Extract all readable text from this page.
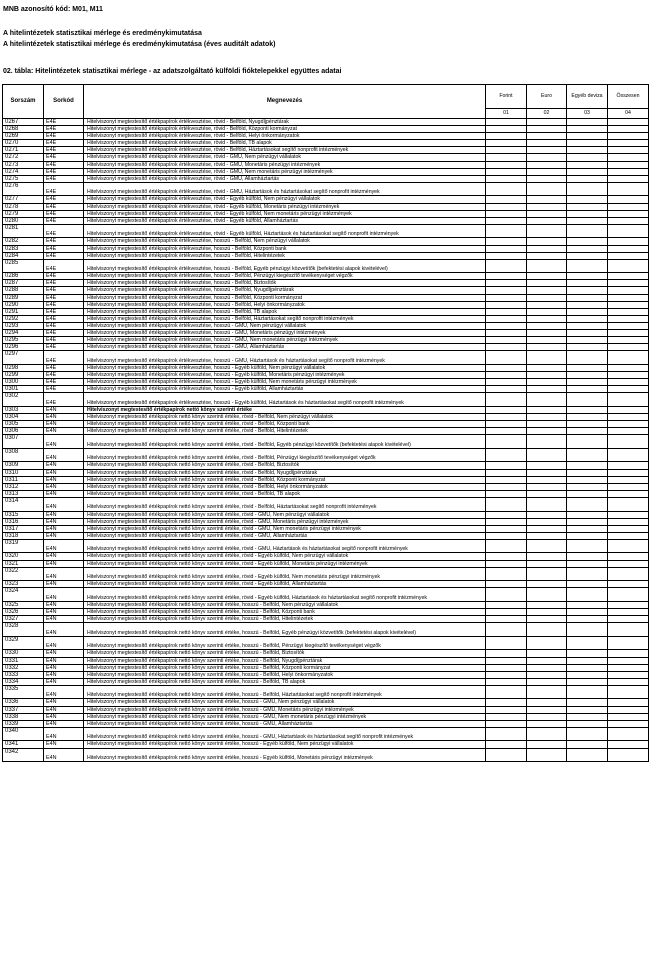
MNB azonosító kód: M01, M11
A hitelintézetek statisztikai mérlege és eredménykimutatása
A hitelintézetek statisztikai mérlege és eredménykimutatása (éves auditált adatok)
02. tábla: Hitelintézetek statisztikai mérlege - az adatszolgáltató külföldi fióktelepekkel együttes adatai
Sorszám	Sorkód	Megnevezés	Forint	Euro	Egyéb deviza	Összesen
			01	02	03	04
0267	E4E	Hitelviszonyt megtestesítő értékpapírok értékvesztése, rövid - Belföld, Nyugdíjpénztárak				
0268	E4E	Hitelviszonyt megtestesítő értékpapírok értékvesztése, rövid - Belföld, Központi kormányzat				
0269	E4E	Hitelviszonyt megtestesítő értékpapírok értékvesztése, rövid - Belföld, Helyi önkormányzatok				
0270	E4E	Hitelviszonyt megtestesítő értékpapírok értékvesztése, rövid - Belföld, TB alapok				
0271	E4E	Hitelviszonyt megtestesítő értékpapírok értékvesztése, rövid - Belföld, Háztartásokat segítő nonprofit intézmények				
0272	E4E	Hitelviszonyt megtestesítő értékpapírok értékvesztése, rövid - GMU, Nem pénzügyi vállalatok				
0273	E4E	Hitelviszonyt megtestesítő értékpapírok értékvesztése, rövid - GMU, Monetáris pénzügyi intézmények				
0274	E4E	Hitelviszonyt megtestesítő értékpapírok értékvesztése, rövid - GMU, Nem monetáris pénzügyi intézmények				
0275	E4E	Hitelviszonyt megtestesítő értékpapírok értékvesztése, rövid - GMU, Államháztartás				
0276	E4E	Hitelviszonyt megtestesítő értékpapírok értékvesztése, rövid - GMU, Háztartások és háztartásokat segítő nonprofit intézmények				
0277	E4E	Hitelviszonyt megtestesítő értékpapírok értékvesztése, rövid - Egyéb külföld, Nem pénzügyi vállalatok				
0278	E4E	Hitelviszonyt megtestesítő értékpapírok értékvesztése, rövid - Egyéb külföld, Monetáris pénzügyi intézmények				
0279	E4E	Hitelviszonyt megtestesítő értékpapírok értékvesztése, rövid - Egyéb külföld, Nem monetáris pénzügyi intézmények				
0280	E4E	Hitelviszonyt megtestesítő értékpapírok értékvesztése, rövid - Egyéb külföld, Államháztartás				
0281	E4E	Hitelviszonyt megtestesítő értékpapírok értékvesztése, rövid - Egyéb külföld, Háztartások és háztartásokat segítő nonprofit intézmények				
0282	E4E	Hitelviszonyt megtestesítő értékpapírok értékvesztése, hosszú - Belföld, Nem pénzügyi vállalatok				
0283	E4E	Hitelviszonyt megtestesítő értékpapírok értékvesztése, hosszú - Belföld, Központi bank				
0284	E4E	Hitelviszonyt megtestesítő értékpapírok értékvesztése, hosszú - Belföld, Hitelintézetek				
0285	E4E	Hitelviszonyt megtestesítő értékpapírok értékvesztése, hosszú - Belföld, Egyéb pénzügyi közvetítők (befektetési alapok kivételével)				
0286	E4E	Hitelviszonyt megtestesítő értékpapírok értékvesztése, hosszú - Belföld, Pénzügyi kiegészítő tevékenységet végzők				
0287	E4E	Hitelviszonyt megtestesítő értékpapírok értékvesztése, hosszú - Belföld, Biztosítók				
0288	E4E	Hitelviszonyt megtestesítő értékpapírok értékvesztése, hosszú - Belföld, Nyugdíjpénztárak				
0289	E4E	Hitelviszonyt megtestesítő értékpapírok értékvesztése, hosszú - Belföld, Központi kormányzat				
0290	E4E	Hitelviszonyt megtestesítő értékpapírok értékvesztése, hosszú - Belföld, Helyi önkormányzatok				
0291	E4E	Hitelviszonyt megtestesítő értékpapírok értékvesztése, hosszú - Belföld, TB alapok				
0292	E4E	Hitelviszonyt megtestesítő értékpapírok értékvesztése, hosszú - Belföld, Háztartásokat segítő nonprofit intézmények				
0293	E4E	Hitelviszonyt megtestesítő értékpapírok értékvesztése, hosszú - GMU, Nem pénzügyi vállalatok				
0294	E4E	Hitelviszonyt megtestesítő értékpapírok értékvesztése, hosszú - GMU, Monetáris pénzügyi intézmények				
0295	E4E	Hitelviszonyt megtestesítő értékpapírok értékvesztése, hosszú - GMU, Nem monetáris pénzügyi intézmények				
0296	E4E	Hitelviszonyt megtestesítő értékpapírok értékvesztése, hosszú - GMU, Államháztartás				
0297	E4E	Hitelviszonyt megtestesítő értékpapírok értékvesztése, hosszú - GMU, Háztartások és háztartásokat segítő nonprofit intézmények				
0298	E4E	Hitelviszonyt megtestesítő értékpapírok értékvesztése, hosszú - Egyéb külföld, Nem pénzügyi vállalatok				
0299	E4E	Hitelviszonyt megtestesítő értékpapírok értékvesztése, hosszú - Egyéb külföld, Monetáris pénzügyi intézmények				
0300	E4E	Hitelviszonyt megtestesítő értékpapírok értékvesztése, hosszú - Egyéb külföld, Nem monetáris pénzügyi intézmények				
0301	E4E	Hitelviszonyt megtestesítő értékpapírok értékvesztése, hosszú - Egyéb külföld, Államháztartás				
0302	E4E	Hitelviszonyt megtestesítő értékpapírok értékvesztése, hosszú - Egyéb külföld, Háztartások és háztartásokat segítő nonprofit intézmények				
0303	E4N	Hitelviszonyt megtestesítő értékpapírok nettó könyv szerinti értéke				
0304	E4N	Hitelviszonyt megtestesítő értékpapírok nettó könyv szerinti értéke, rövid - Belföld, Nem pénzügyi vállalatok				
0305	E4N	Hitelviszonyt megtestesítő értékpapírok nettó könyv szerinti értéke, rövid - Belföld, Központi bank				
0306	E4N	Hitelviszonyt megtestesítő értékpapírok nettó könyv szerinti értéke, rövid - Belföld, Hitelintézetek				
0307	E4N	Hitelviszonyt megtestesítő értékpapírok nettó könyv szerinti értéke, rövid - Belföld, Egyéb pénzügyi közvetítők (befektetési alapok kivételével)				
0308	E4N	Hitelviszonyt megtestesítő értékpapírok nettó könyv szerinti értéke, rövid - Belföld, Pénzügyi kiegészítő tevékenységet végzők				
0309	E4N	Hitelviszonyt megtestesítő értékpapírok nettó könyv szerinti értéke, rövid - Belföld, Biztosítók				
0310	E4N	Hitelviszonyt megtestesítő értékpapírok nettó könyv szerinti értéke, rövid - Belföld, Nyugdíjpénztárak				
0311	E4N	Hitelviszonyt megtestesítő értékpapírok nettó könyv szerinti értéke, rövid - Belföld, Központi kormányzat				
0312	E4N	Hitelviszonyt megtestesítő értékpapírok nettó könyv szerinti értéke, rövid - Belföld, Helyi önkormányzatok				
0313	E4N	Hitelviszonyt megtestesítő értékpapírok nettó könyv szerinti értéke, rövid - Belföld, TB alapok				
0314	E4N	Hitelviszonyt megtestesítő értékpapírok nettó könyv szerinti értéke, rövid - Belföld, Háztartásokat segítő nonprofit intézmények				
0315	E4N	Hitelviszonyt megtestesítő értékpapírok nettó könyv szerinti értéke, rövid - GMU, Nem pénzügyi vállalatok				
0316	E4N	Hitelviszonyt megtestesítő értékpapírok nettó könyv szerinti értéke, rövid - GMU, Monetáris pénzügyi intézmények				
0317	E4N	Hitelviszonyt megtestesítő értékpapírok nettó könyv szerinti értéke, rövid - GMU, Nem monetáris pénzügyi intézmények				
0318	E4N	Hitelviszonyt megtestesítő értékpapírok nettó könyv szerinti értéke, rövid - GMU, Államháztartás				
0319	E4N	Hitelviszonyt megtestesítő értékpapírok nettó könyv szerinti értéke, rövid - GMU, Háztartások és háztartásokat segítő nonprofit intézmények				
0320	E4N	Hitelviszonyt megtestesítő értékpapírok nettó könyv szerinti értéke, rövid - Egyéb külföld, Nem pénzügyi vállalatok				
0321	E4N	Hitelviszonyt megtestesítő értékpapírok nettó könyv szerinti értéke, rövid - Egyéb külföld, Monetáris pénzügyi intézmények				
0322	E4N	Hitelviszonyt megtestesítő értékpapírok nettó könyv szerinti értéke, rövid - Egyéb külföld, Nem monetáris pénzügyi intézmények				
0323	E4N	Hitelviszonyt megtestesítő értékpapírok nettó könyv szerinti értéke, rövid - Egyéb külföld, Államháztartás				
0324	E4N	Hitelviszonyt megtestesítő értékpapírok nettó könyv szerinti értéke, rövid - Egyéb külföld, Háztartások és háztartásokat segítő nonprofit intézmények				
0325	E4N	Hitelviszonyt megtestesítő értékpapírok nettó könyv szerinti értéke, hosszú - Belföld, Nem pénzügyi vállalatok				
0326	E4N	Hitelviszonyt megtestesítő értékpapírok nettó könyv szerinti értéke, hosszú - Belföld, Központi bank				
0327	E4N	Hitelviszonyt megtestesítő értékpapírok nettó könyv szerinti értéke, hosszú - Belföld, Hitelintézetek				
0328	E4N	Hitelviszonyt megtestesítő értékpapírok nettó könyv szerinti értéke, hosszú - Belföld, Egyéb pénzügyi közvetítők (befektetési alapok kivételével)				
0329	E4N	Hitelviszonyt megtestesítő értékpapírok nettó könyv szerinti értéke, hosszú - Belföld, Pénzügyi kiegészítő tevékenységet végzők				
0330	E4N	Hitelviszonyt megtestesítő értékpapírok nettó könyv szerinti értéke, hosszú - Belföld, Biztosítók				
0331	E4N	Hitelviszonyt megtestesítő értékpapírok nettó könyv szerinti értéke, hosszú - Belföld, Nyugdíjpénztárak				
0332	E4N	Hitelviszonyt megtestesítő értékpapírok nettó könyv szerinti értéke, hosszú - Belföld, Központi kormányzat				
0333	E4N	Hitelviszonyt megtestesítő értékpapírok nettó könyv szerinti értéke, hosszú - Belföld, Helyi önkormányzatok				
0334	E4N	Hitelviszonyt megtestesítő értékpapírok nettó könyv szerinti értéke, hosszú - Belföld, TB alapok				
0335	E4N	Hitelviszonyt megtestesítő értékpapírok nettó könyv szerinti értéke, hosszú - Belföld, Háztartásokat segítő nonprofit intézmények				
0336	E4N	Hitelviszonyt megtestesítő értékpapírok nettó könyv szerinti értéke, hosszú - GMU, Nem pénzügyi vállalatok				
0337	E4N	Hitelviszonyt megtestesítő értékpapírok nettó könyv szerinti értéke, hosszú - GMU, Monetáris pénzügyi intézmények				
0338	E4N	Hitelviszonyt megtestesítő értékpapírok nettó könyv szerinti értéke, hosszú - GMU, Nem monetáris pénzügyi intézmények				
0339	E4N	Hitelviszonyt megtestesítő értékpapírok nettó könyv szerinti értéke, hosszú - GMU, Államháztartás				
0340	E4N	Hitelviszonyt megtestesítő értékpapírok nettó könyv szerinti értéke, hosszú - GMU, Háztartások és háztartásokat segítő nonprofit intézmények				
0341	E4N	Hitelviszonyt megtestesítő értékpapírok nettó könyv szerinti értéke, hosszú - Egyéb külföld, Nem pénzügyi vállalatok				
0342	E4N	Hitelviszonyt megtestesítő értékpapírok nettó könyv szerinti értéke, hosszú - Egyéb külföld, Monetáris pénzügyi intézmények				
